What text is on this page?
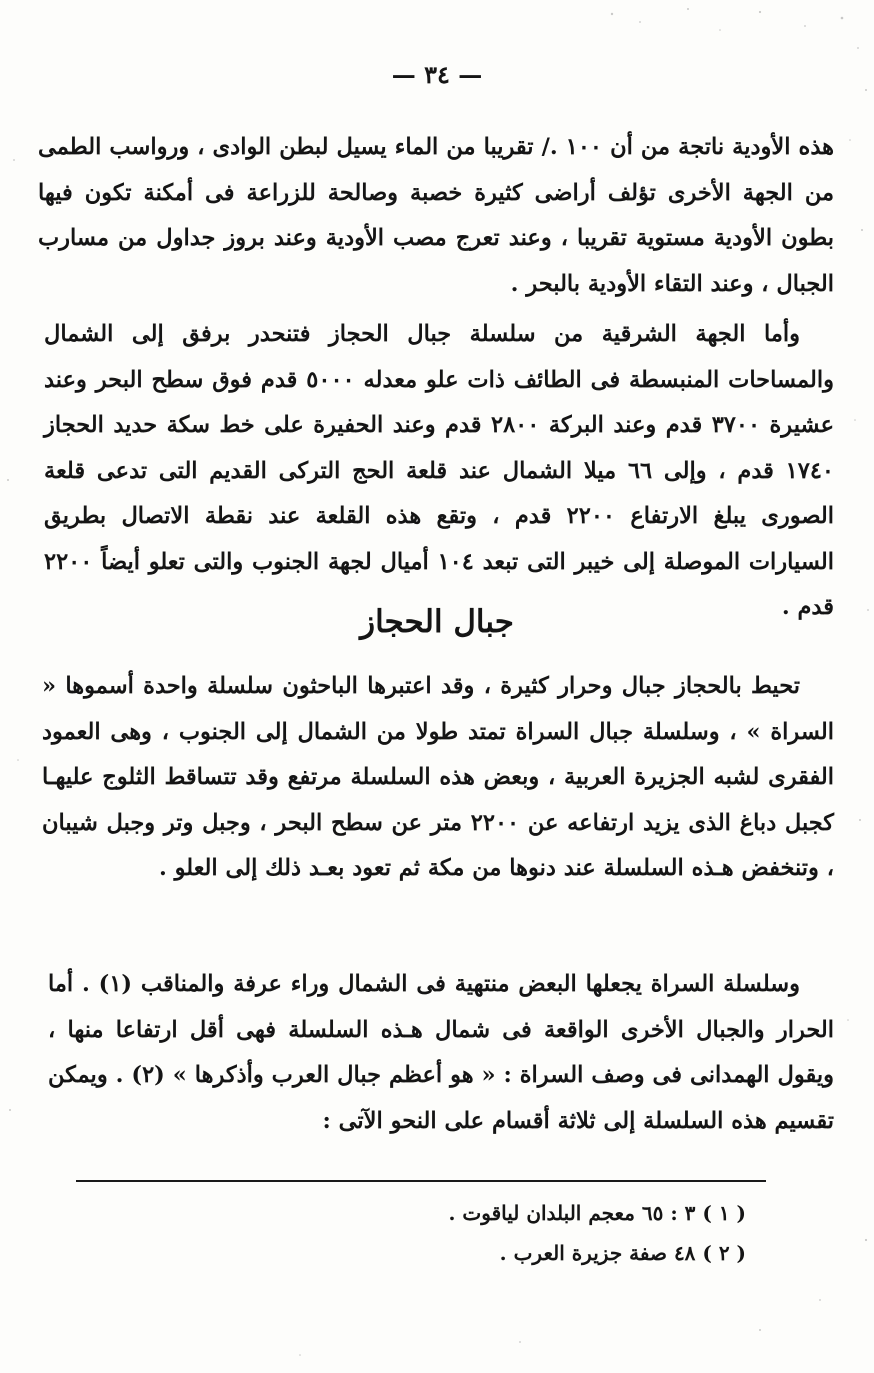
— ٣٤ —

هذه الأودية ناتجة من أن ١٠٠ ./ تقريبا من الماء يسيل لبطن الوادى ، ورواسب الطمى من الجهة الأخرى تؤلف أراضى كثيرة خصبة وصالحة للزراعة فى أمكنة تكون فيها بطون الأودية مستوية تقريبا ، وعند تعرج مصب الأودية وعند بروز جداول من مسارب الجبال ، وعند التقاء الأودية بالبحر .

وأما الجهة الشرقية من سلسلة جبال الحجاز فتنحدر برفق إلى الشمال والمساحات المنبسطة فى الطائف ذات علو معدله ٥٠٠٠ قدم فوق سطح البحر وعند عشيرة ٣٧٠٠ قدم وعند البركة ٢٨٠٠ قدم وعند الحفيرة على خط سكة حديد الحجاز ١٧٤٠ قدم ، وإلى ٦٦ ميلا الشمال عند قلعة الحج التركى القديم التى تدعى قلعة الصورى يبلغ الارتفاع ٢٢٠٠ قدم ، وتقع هذه القلعة عند نقطة الاتصال بطريق السيارات الموصلة إلى خيبر التى تبعد ١٠٤ أميال لجهة الجنوب والتى تعلو أيضاً ٢٢٠٠ قدم .

جبال الحجاز

تحيط بالحجاز جبال وحرار كثيرة ، وقد اعتبرها الباحثون سلسلة واحدة أسموها « السراة » ، وسلسلة جبال السراة تمتد طولا من الشمال إلى الجنوب ، وهى العمود الفقرى لشبه الجزيرة العربية ، وبعض هذه السلسلة مرتفع وقد تتساقط الثلوج عليهـا كجبل دباغ الذى يزيد ارتفاعه عن ٢٢٠٠ متر عن سطح البحر ، وجبل وتر وجبل شيبان ، وتنخفض هـذه السلسلة عند دنوها من مكة ثم تعود بعـد ذلك إلى العلو .

وسلسلة السراة يجعلها البعض منتهية فى الشمال وراء عرفة والمناقب (١) . أما الحرار والجبال الأخرى الواقعة فى شمال هـذه السلسلة فهى أقل ارتفاعا منها ، ويقول الهمدانى فى وصف السراة : « هو أعظم جبال العرب وأذكرها » (٢) . ويمكن تقسيم هذه السلسلة إلى ثلاثة أقسام على النحو الآتى :

( ١ ) ٣ : ٦٥ معجم البلدان لياقوت .
( ٢ ) ٤٨ صفة جزيرة العرب .
